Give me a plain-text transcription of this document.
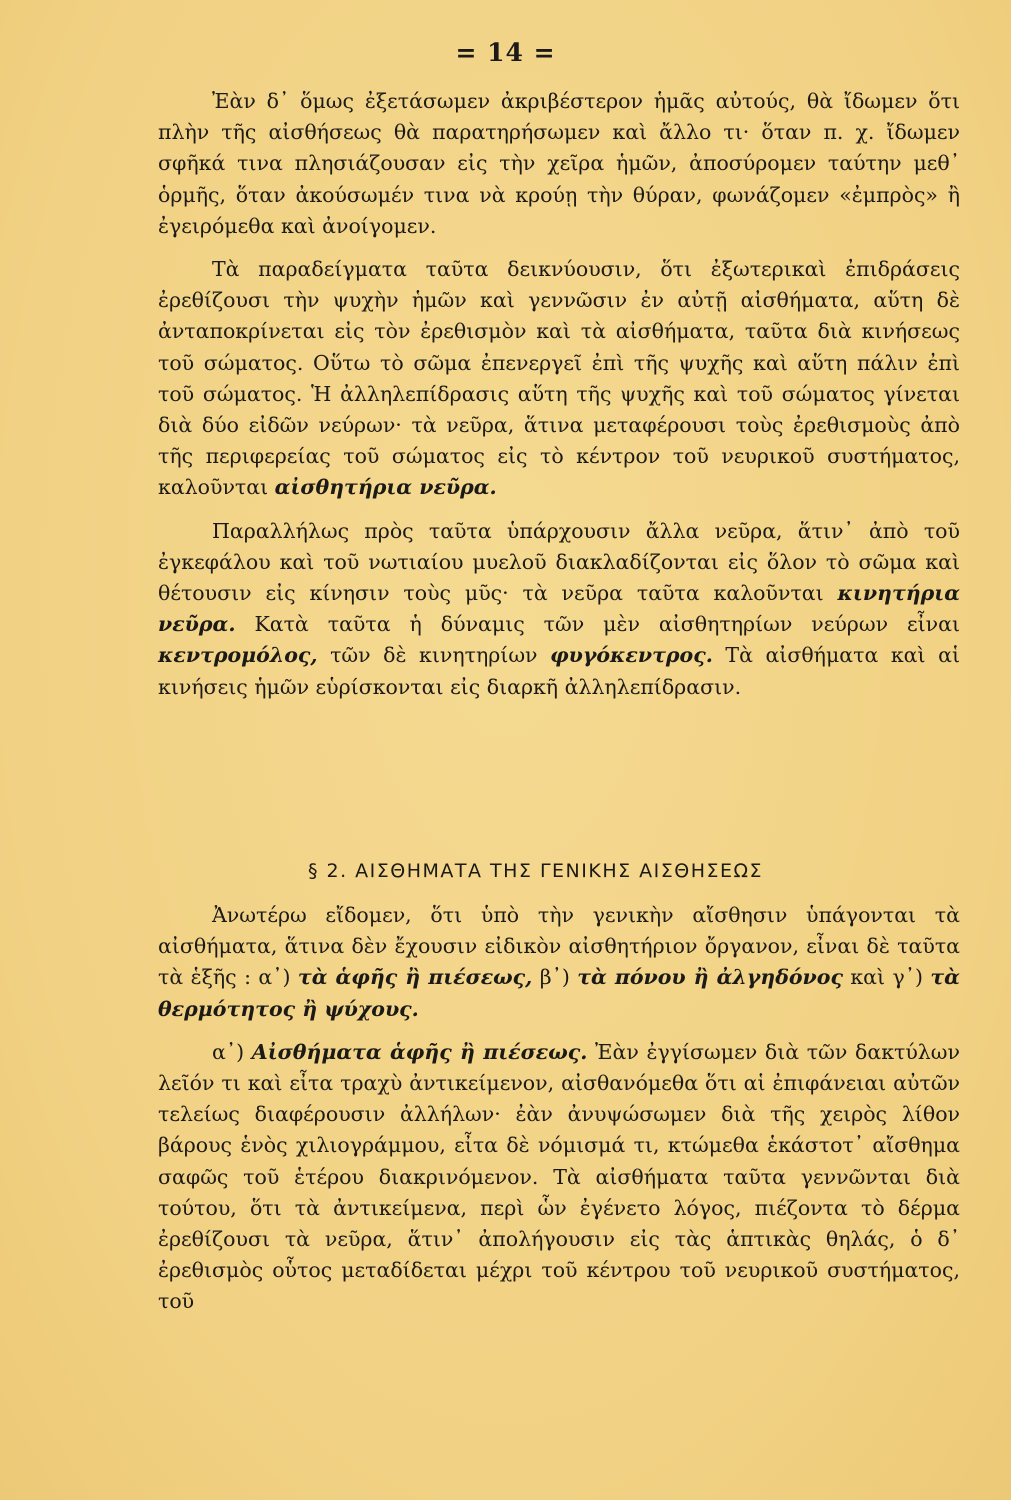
= 14 =

Ἐὰν δ᾽ ὅμως ἐξετάσωμεν ἀκριβέστερον ἡμᾶς αὐτούς, θὰ ἴδωμεν ὅτι πλὴν τῆς αἰσθήσεως θὰ παρατηρήσωμεν καὶ ἄλλο τι· ὅταν π. χ. ἴδωμεν σφῆκά τινα πλησιάζουσαν εἰς τὴν χεῖρα ἡμῶν, ἀποσύρομεν ταύτην μεθ᾽ ὁρμῆς, ὅταν ἀκούσωμέν τινα νὰ κρούῃ τὴν θύραν, φωνάζομεν «ἐμπρὸς» ἢ ἐγειρόμεθα καὶ ἀνοίγομεν.

Τὰ παραδείγματα ταῦτα δεικνύουσιν, ὅτι ἐξωτερικαὶ ἐπιδράσεις ἐρεθίζουσι τὴν ψυχὴν ἡμῶν καὶ γεννῶσιν ἐν αὐτῇ αἰσθήματα, αὕτη δὲ ἀνταποκρίνεται εἰς τὸν ἐρεθισμὸν καὶ τὰ αἰσθήματα, ταῦτα διὰ κινήσεως τοῦ σώματος. Οὕτω τὸ σῶμα ἐπενεργεῖ ἐπὶ τῆς ψυχῆς καὶ αὕτη πάλιν ἐπὶ τοῦ σώματος. Ἡ ἀλληλεπίδρασις αὕτη τῆς ψυχῆς καὶ τοῦ σώματος γίνεται διὰ δύο εἰδῶν νεύρων· τὰ νεῦρα, ἅτινα μεταφέρουσι τοὺς ἐρεθισμοὺς ἀπὸ τῆς περιφερείας τοῦ σώματος εἰς τὸ κέντρον τοῦ νευρικοῦ συστήματος, καλοῦνται αἰσθητήρια νεῦρα.

Παραλλήλως πρὸς ταῦτα ὑπάρχουσιν ἄλλα νεῦρα, ἅτιν᾽ ἀπὸ τοῦ ἐγκεφάλου καὶ τοῦ νωτιαίου μυελοῦ διακλαδίζονται εἰς ὅλον τὸ σῶμα καὶ θέτουσιν εἰς κίνησιν τοὺς μῦς· τὰ νεῦρα ταῦτα καλοῦνται κινητήρια νεῦρα. Κατὰ ταῦτα ἡ δύναμις τῶν μὲν αἰσθητηρίων νεύρων εἶναι κεντρομόλος, τῶν δὲ κινητηρίων φυγόκεντρος. Τὰ αἰσθήματα καὶ αἱ κινήσεις ἡμῶν εὑρίσκονται εἰς διαρκῆ ἀλληλεπίδρασιν.

§ 2. ΑΙΣΘΗΜΑΤΑ ΤΗΣ ΓΕΝΙΚΗΣ ΑΙΣΘΗΣΕΩΣ

Ἀνωτέρω εἴδομεν, ὅτι ὑπὸ τὴν γενικὴν αἴσθησιν ὑπάγονται τὰ αἰσθήματα, ἅτινα δὲν ἔχουσιν εἰδικὸν αἰσθητήριον ὄργανον, εἶναι δὲ ταῦτα τὰ ἑξῆς : α᾽) τὰ ἁφῆς ἢ πιέσεως, β᾽) τὰ πόνου ἢ ἀλγηδόνος καὶ γ᾽) τὰ θερμότητος ἢ ψύχους.

α᾽) Αἰσθήματα ἁφῆς ἢ πιέσεως. Ἐὰν ἐγγίσωμεν διὰ τῶν δακτύλων λεῖόν τι καὶ εἶτα τραχὺ ἀντικείμενον, αἰσθανόμεθα ὅτι αἱ ἐπιφάνειαι αὐτῶν τελείως διαφέρουσιν ἀλλήλων· ἐὰν ἀνυψώσωμεν διὰ τῆς χειρὸς λίθον βάρους ἑνὸς χιλιογράμμου, εἶτα δὲ νόμισμά τι, κτώμεθα ἑκάστοτ᾽ αἴσθημα σαφῶς τοῦ ἑτέρου διακρινόμενον. Τὰ αἰσθήματα ταῦτα γεννῶνται διὰ τούτου, ὅτι τὰ ἀντικείμενα, περὶ ὧν ἐγένετο λόγος, πιέζοντα τὸ δέρμα ἐρεθίζουσι τὰ νεῦρα, ἅτιν᾽ ἀπολήγουσιν εἰς τὰς ἁπτικὰς θηλάς, ὁ δ᾽ ἐρεθισμὸς οὗτος μεταδίδεται μέχρι τοῦ κέντρου τοῦ νευρικοῦ συστήματος, τοῦ
